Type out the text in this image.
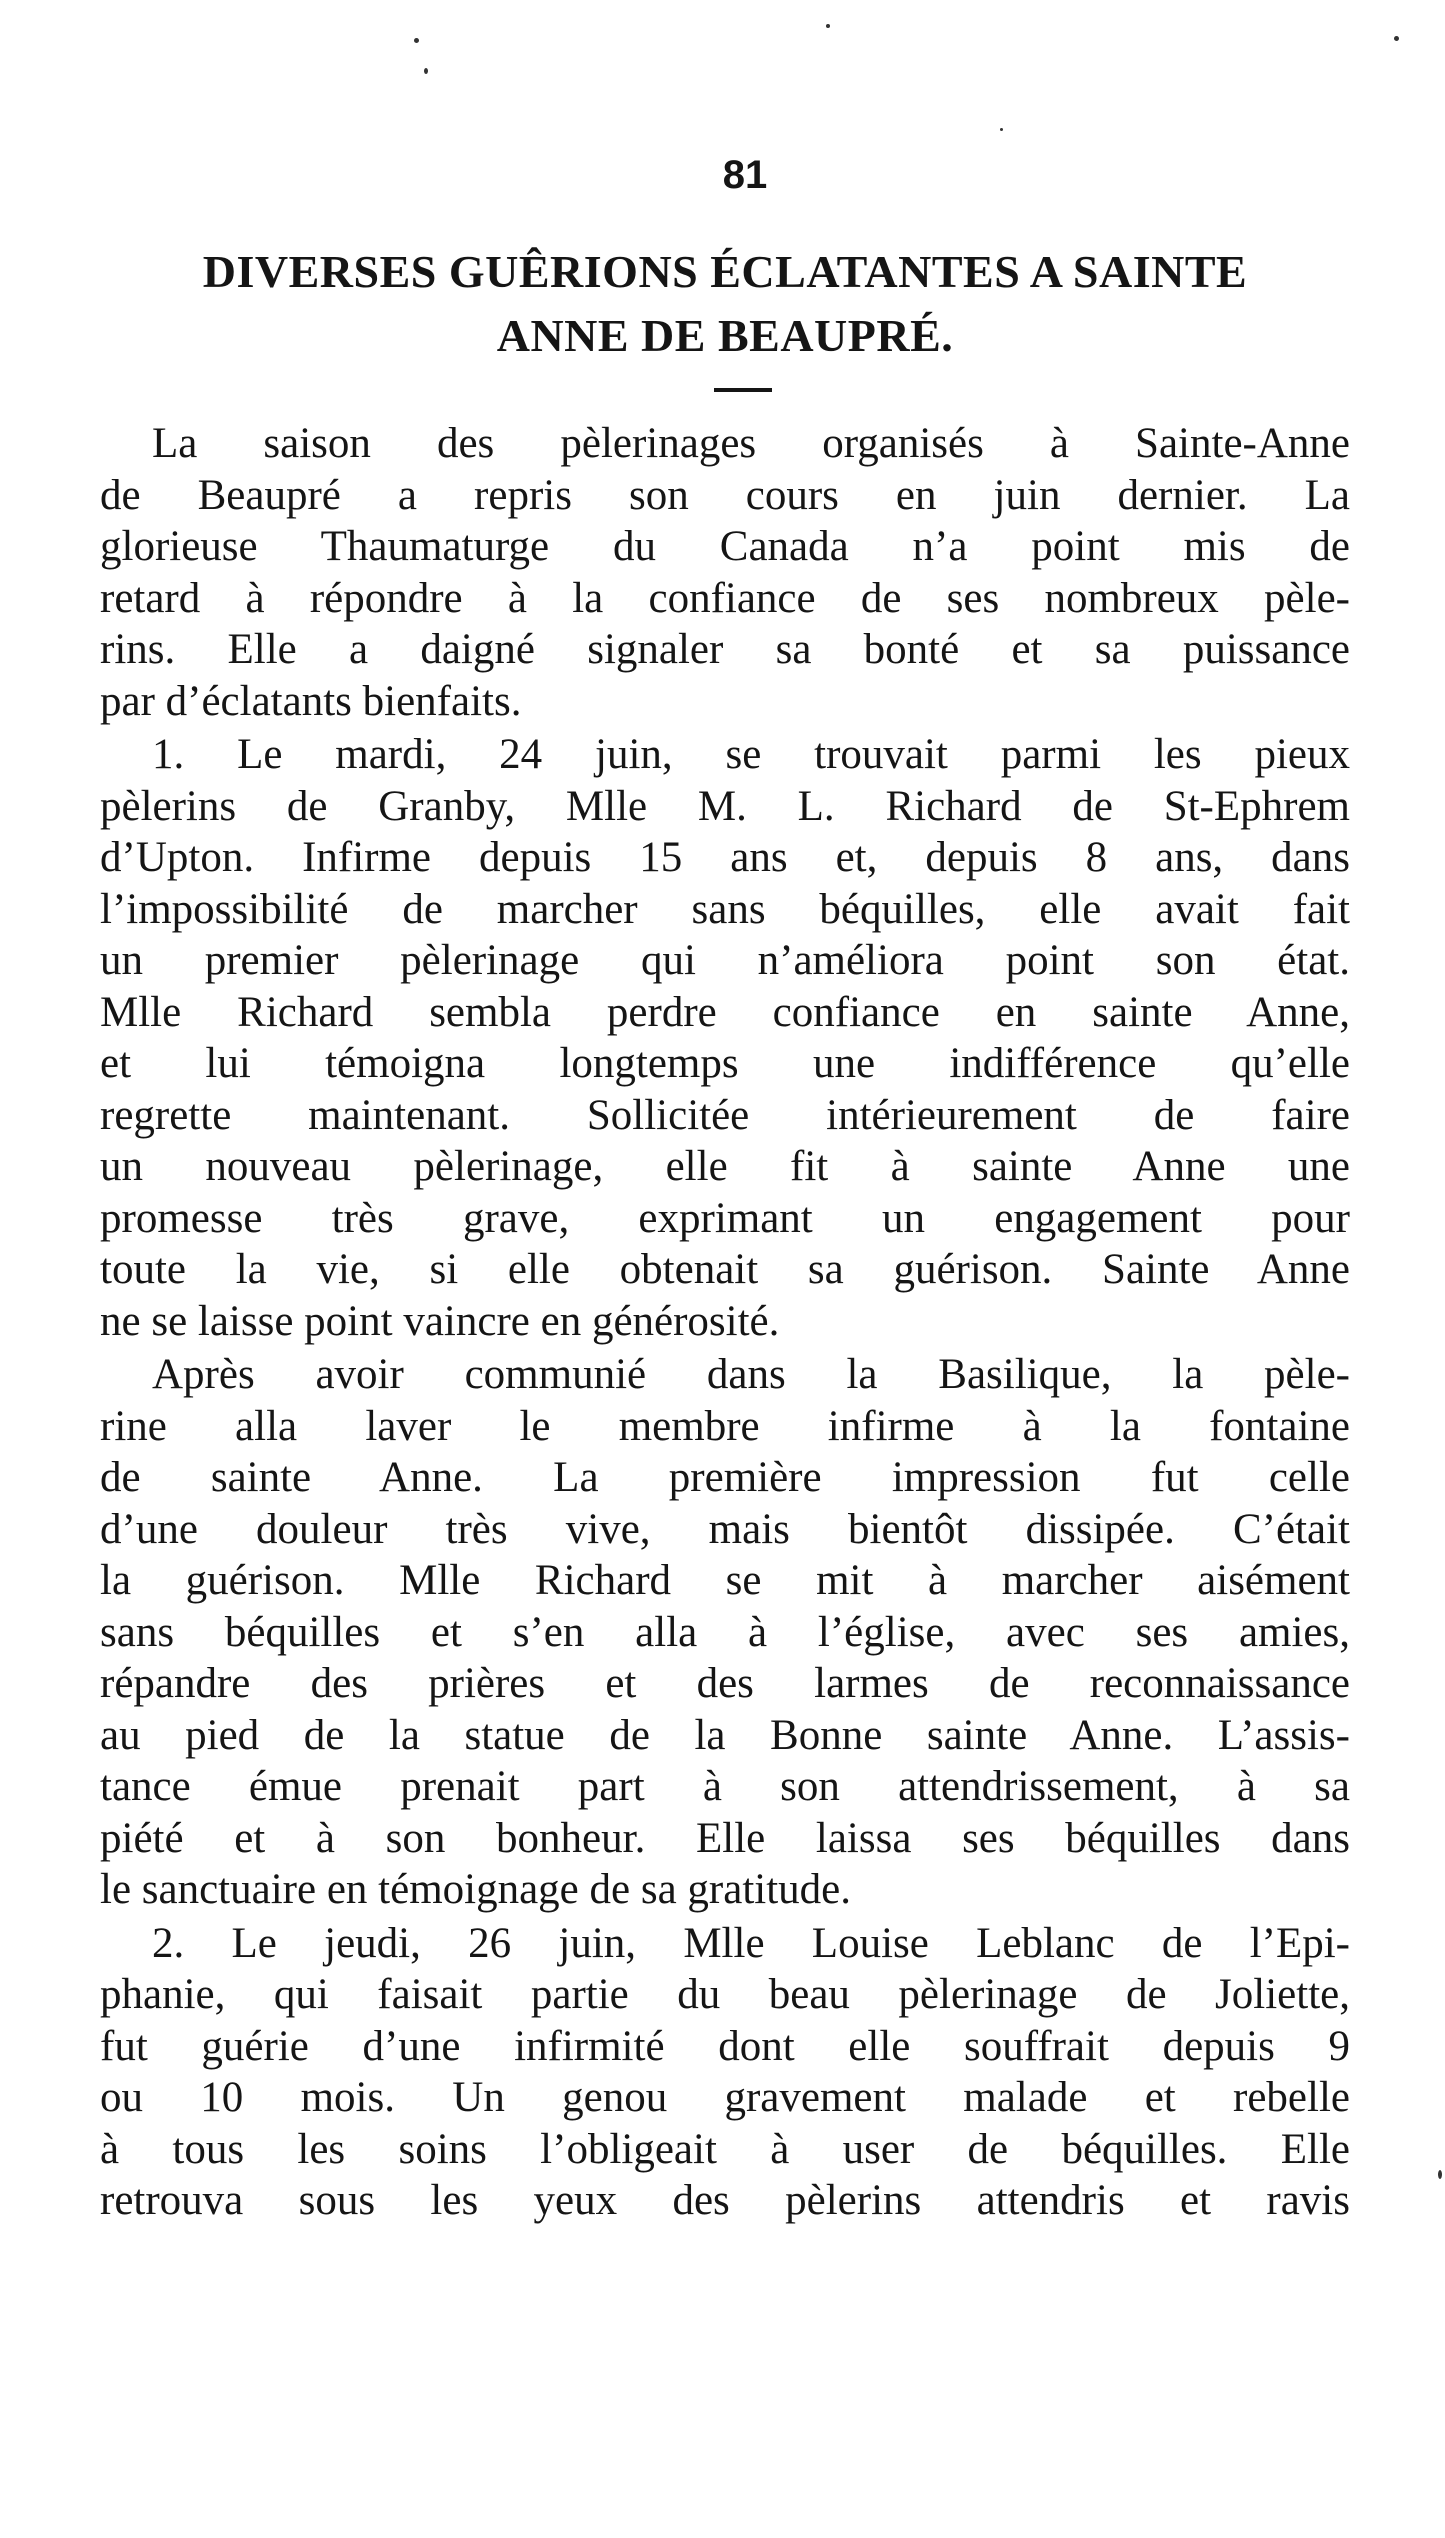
81
DIVERSES GUÊRIONS ÉCLATANTES A SAINTE
ANNE DE BEAUPRÉ.

La saison des pèlerinages organisés à Sainte-Anne
de Beaupré a repris son cours en juin dernier. La
glorieuse Thaumaturge du Canada n’a point mis de
retard à répondre à la confiance de ses nombreux pèle-
rins. Elle a daigné signaler sa bonté et sa puissance
par d’éclatants bienfaits.

1. Le mardi, 24 juin, se trouvait parmi les pieux
pèlerins de Granby, Mlle M. L. Richard de St-Ephrem
d’Upton. Infirme depuis 15 ans et, depuis 8 ans, dans
l’impossibilité de marcher sans béquilles, elle avait fait
un premier pèlerinage qui n’améliora point son état.
Mlle Richard sembla perdre confiance en sainte Anne,
et lui témoigna longtemps une indifférence qu’elle
regrette maintenant. Sollicitée intérieurement de faire
un nouveau pèlerinage, elle fit à sainte Anne une
promesse très grave, exprimant un engagement pour
toute la vie, si elle obtenait sa guérison. Sainte Anne
ne se laisse point vaincre en générosité.

Après avoir communié dans la Basilique, la pèle-
rine alla laver le membre infirme à la fontaine
de sainte Anne. La première impression fut celle
d’une douleur très vive, mais bientôt dissipée. C’était
la guérison. Mlle Richard se mit à marcher aisément
sans béquilles et s’en alla à l’église, avec ses amies,
répandre des prières et des larmes de reconnaissance
au pied de la statue de la Bonne sainte Anne. L’assis-
tance émue prenait part à son attendrissement, à sa
piété et à son bonheur. Elle laissa ses béquilles dans
le sanctuaire en témoignage de sa gratitude.

2. Le jeudi, 26 juin, Mlle Louise Leblanc de l’Epi-
phanie, qui faisait partie du beau pèlerinage de Joliette,
fut guérie d’une infirmité dont elle souffrait depuis 9
ou 10 mois. Un genou gravement malade et rebelle
à tous les soins l’obligeait à user de béquilles. Elle
retrouva sous les yeux des pèlerins attendris et ravis
